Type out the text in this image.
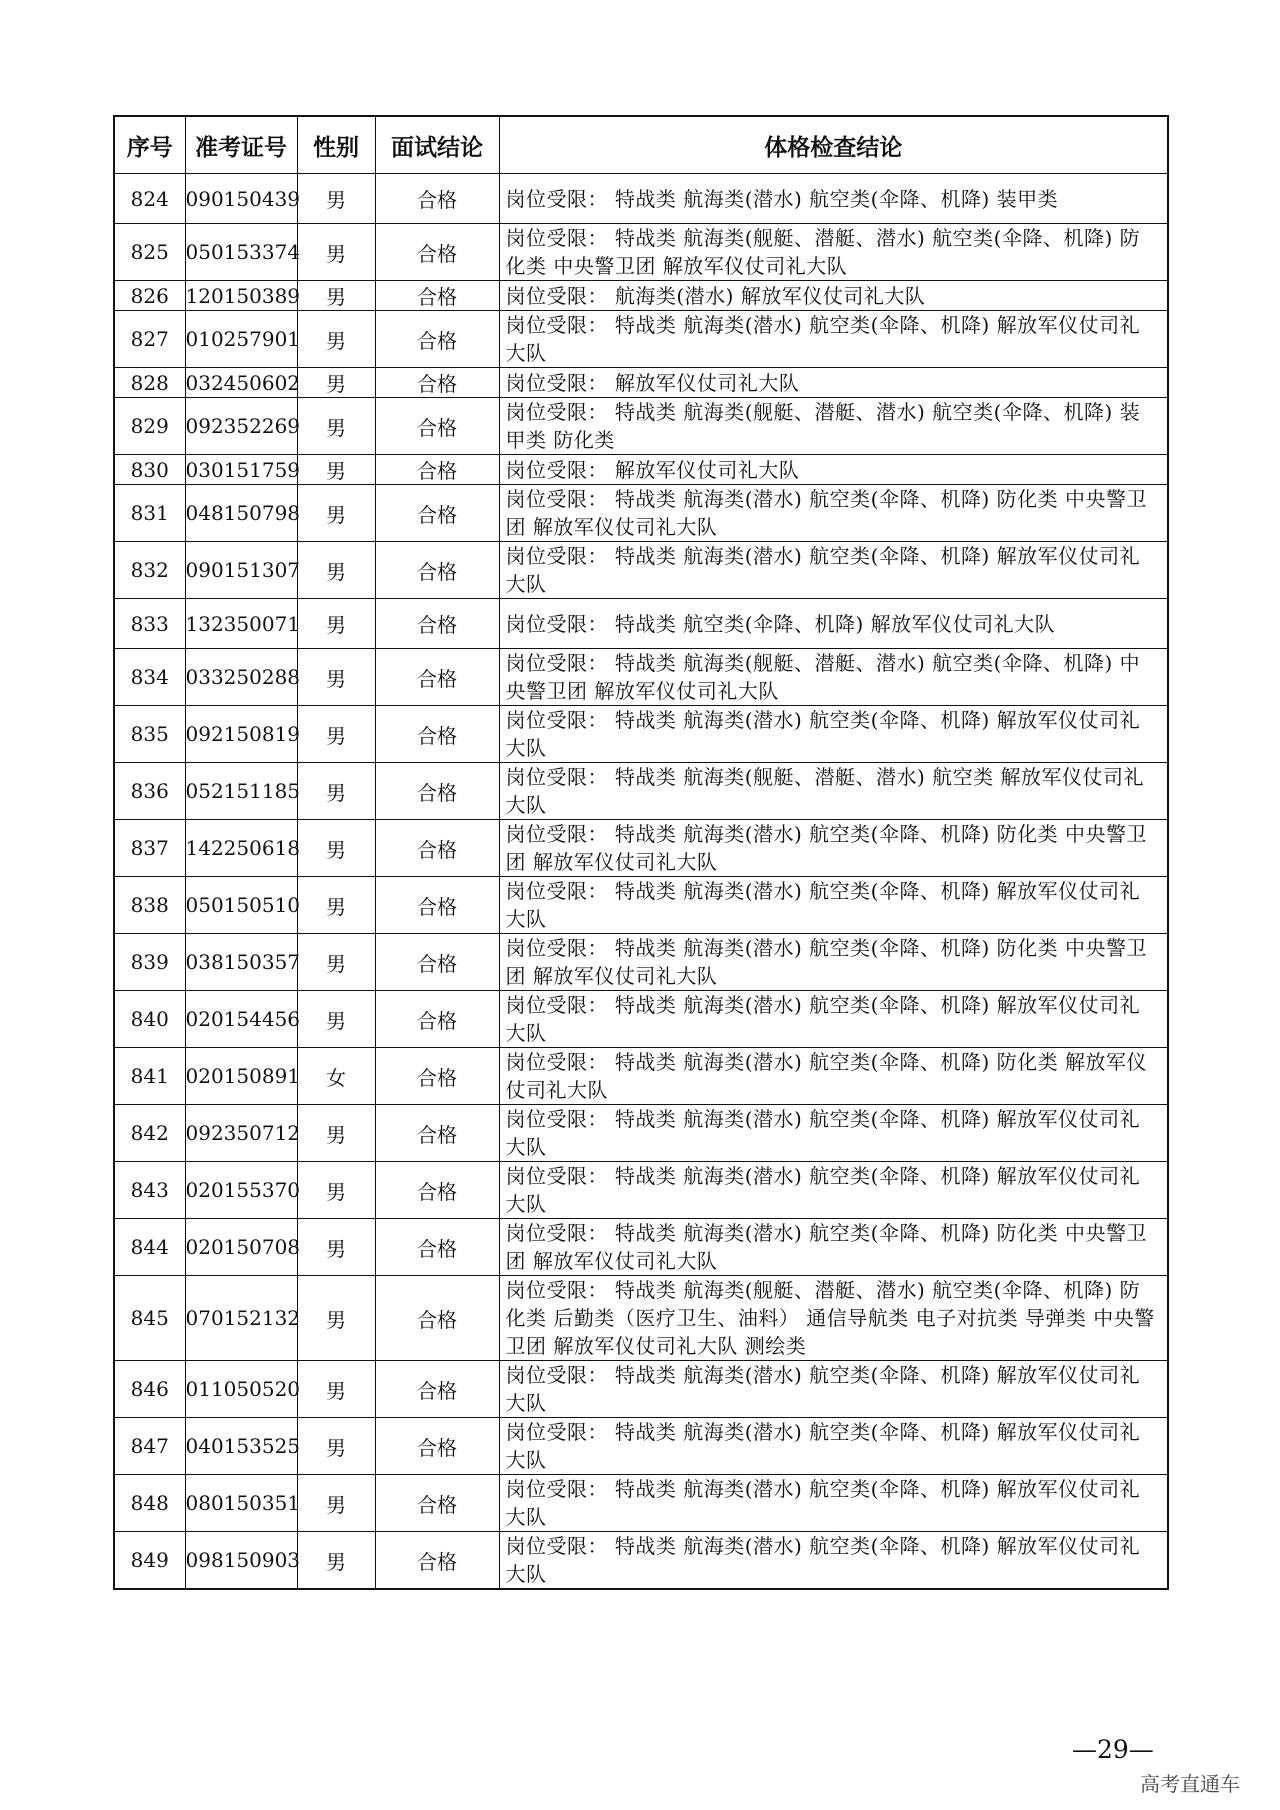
序号	准考证号	性别	面试结论	体格检查结论
824	090150439	男	合格	岗位受限： 特战类 航海类(潜水) 航空类(伞降、机降) 装甲类
825	050153374	男	合格	岗位受限： 特战类 航海类(舰艇、潜艇、潜水) 航空类(伞降、机降) 防化类 中央警卫团 解放军仪仗司礼大队
826	120150389	男	合格	岗位受限： 航海类(潜水) 解放军仪仗司礼大队
827	010257901	男	合格	岗位受限： 特战类 航海类(潜水) 航空类(伞降、机降) 解放军仪仗司礼大队
828	032450602	男	合格	岗位受限： 解放军仪仗司礼大队
829	092352269	男	合格	岗位受限： 特战类 航海类(舰艇、潜艇、潜水) 航空类(伞降、机降) 装甲类 防化类
830	030151759	男	合格	岗位受限： 解放军仪仗司礼大队
831	048150798	男	合格	岗位受限： 特战类 航海类(潜水) 航空类(伞降、机降) 防化类 中央警卫团 解放军仪仗司礼大队
832	090151307	男	合格	岗位受限： 特战类 航海类(潜水) 航空类(伞降、机降) 解放军仪仗司礼大队
833	132350071	男	合格	岗位受限： 特战类 航空类(伞降、机降) 解放军仪仗司礼大队
834	033250288	男	合格	岗位受限： 特战类 航海类(舰艇、潜艇、潜水) 航空类(伞降、机降) 中央警卫团 解放军仪仗司礼大队
835	092150819	男	合格	岗位受限： 特战类 航海类(潜水) 航空类(伞降、机降) 解放军仪仗司礼大队
836	052151185	男	合格	岗位受限： 特战类 航海类(舰艇、潜艇、潜水) 航空类 解放军仪仗司礼大队
837	142250618	男	合格	岗位受限： 特战类 航海类(潜水) 航空类(伞降、机降) 防化类 中央警卫团 解放军仪仗司礼大队
838	050150510	男	合格	岗位受限： 特战类 航海类(潜水) 航空类(伞降、机降) 解放军仪仗司礼大队
839	038150357	男	合格	岗位受限： 特战类 航海类(潜水) 航空类(伞降、机降) 防化类 中央警卫团 解放军仪仗司礼大队
840	020154456	男	合格	岗位受限： 特战类 航海类(潜水) 航空类(伞降、机降) 解放军仪仗司礼大队
841	020150891	女	合格	岗位受限： 特战类 航海类(潜水) 航空类(伞降、机降) 防化类 解放军仪仗司礼大队
842	092350712	男	合格	岗位受限： 特战类 航海类(潜水) 航空类(伞降、机降) 解放军仪仗司礼大队
843	020155370	男	合格	岗位受限： 特战类 航海类(潜水) 航空类(伞降、机降) 解放军仪仗司礼大队
844	020150708	男	合格	岗位受限： 特战类 航海类(潜水) 航空类(伞降、机降) 防化类 中央警卫团 解放军仪仗司礼大队
845	070152132	男	合格	岗位受限： 特战类 航海类(舰艇、潜艇、潜水) 航空类(伞降、机降) 防化类 后勤类（医疗卫生、油料） 通信导航类 电子对抗类 导弹类 中央警卫团 解放军仪仗司礼大队 测绘类
846	011050520	男	合格	岗位受限： 特战类 航海类(潜水) 航空类(伞降、机降) 解放军仪仗司礼大队
847	040153525	男	合格	岗位受限： 特战类 航海类(潜水) 航空类(伞降、机降) 解放军仪仗司礼大队
848	080150351	男	合格	岗位受限： 特战类 航海类(潜水) 航空类(伞降、机降) 解放军仪仗司礼大队
849	098150903	男	合格	岗位受限： 特战类 航海类(潜水) 航空类(伞降、机降) 解放军仪仗司礼大队
—29—
高考直通车
